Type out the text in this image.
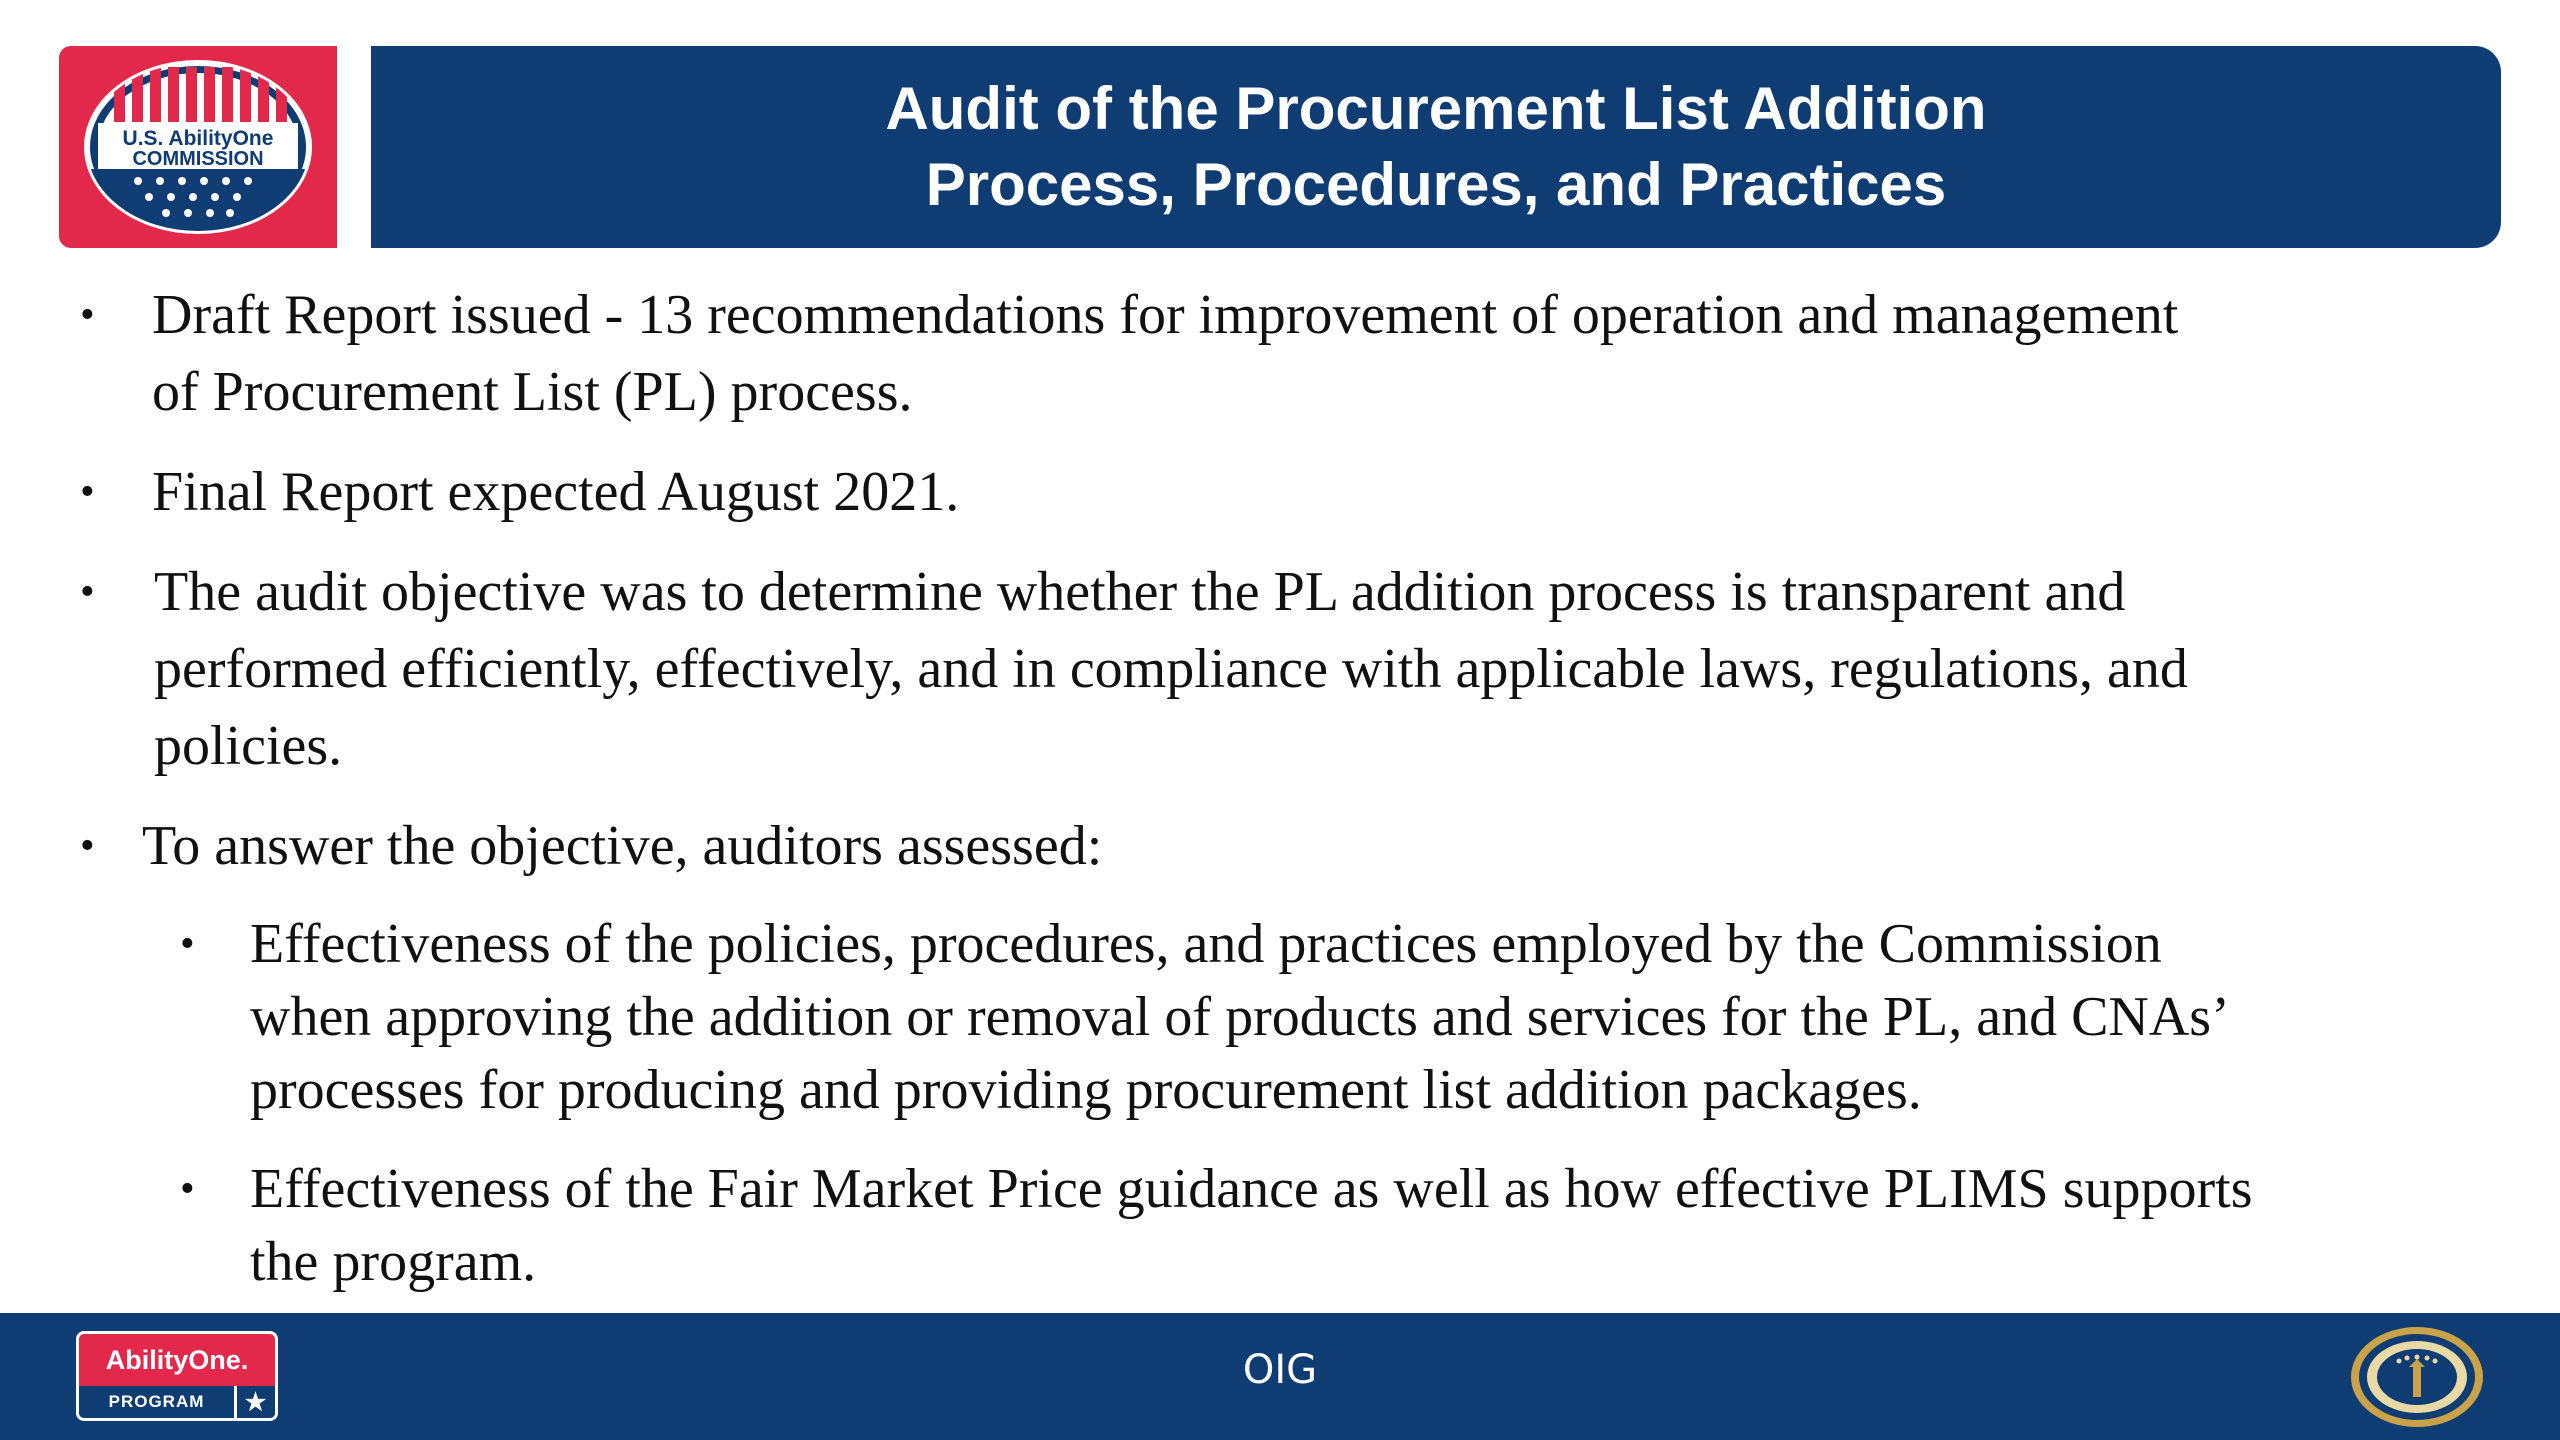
U.S. AbilityOne
COMMISSION
Audit of the Procurement List Addition
Process, Procedures, and Practices
• Draft Report issued - 13 recommendations for improvement of operation and management
of Procurement List (PL) process.
• Final Report expected August 2021.
• The audit objective was to determine whether the PL addition process is transparent and
performed efficiently, effectively, and in compliance with applicable laws, regulations, and
policies.
• To answer the objective, auditors assessed:
• Effectiveness of the policies, procedures, and practices employed by the Commission
when approving the addition or removal of products and services for the PL, and CNAs’
processes for producing and providing procurement list addition packages.
• Effectiveness of the Fair Market Price guidance as well as how effective PLIMS supports
the program.
AbilityOne.
PROGRAM	★
OIG
